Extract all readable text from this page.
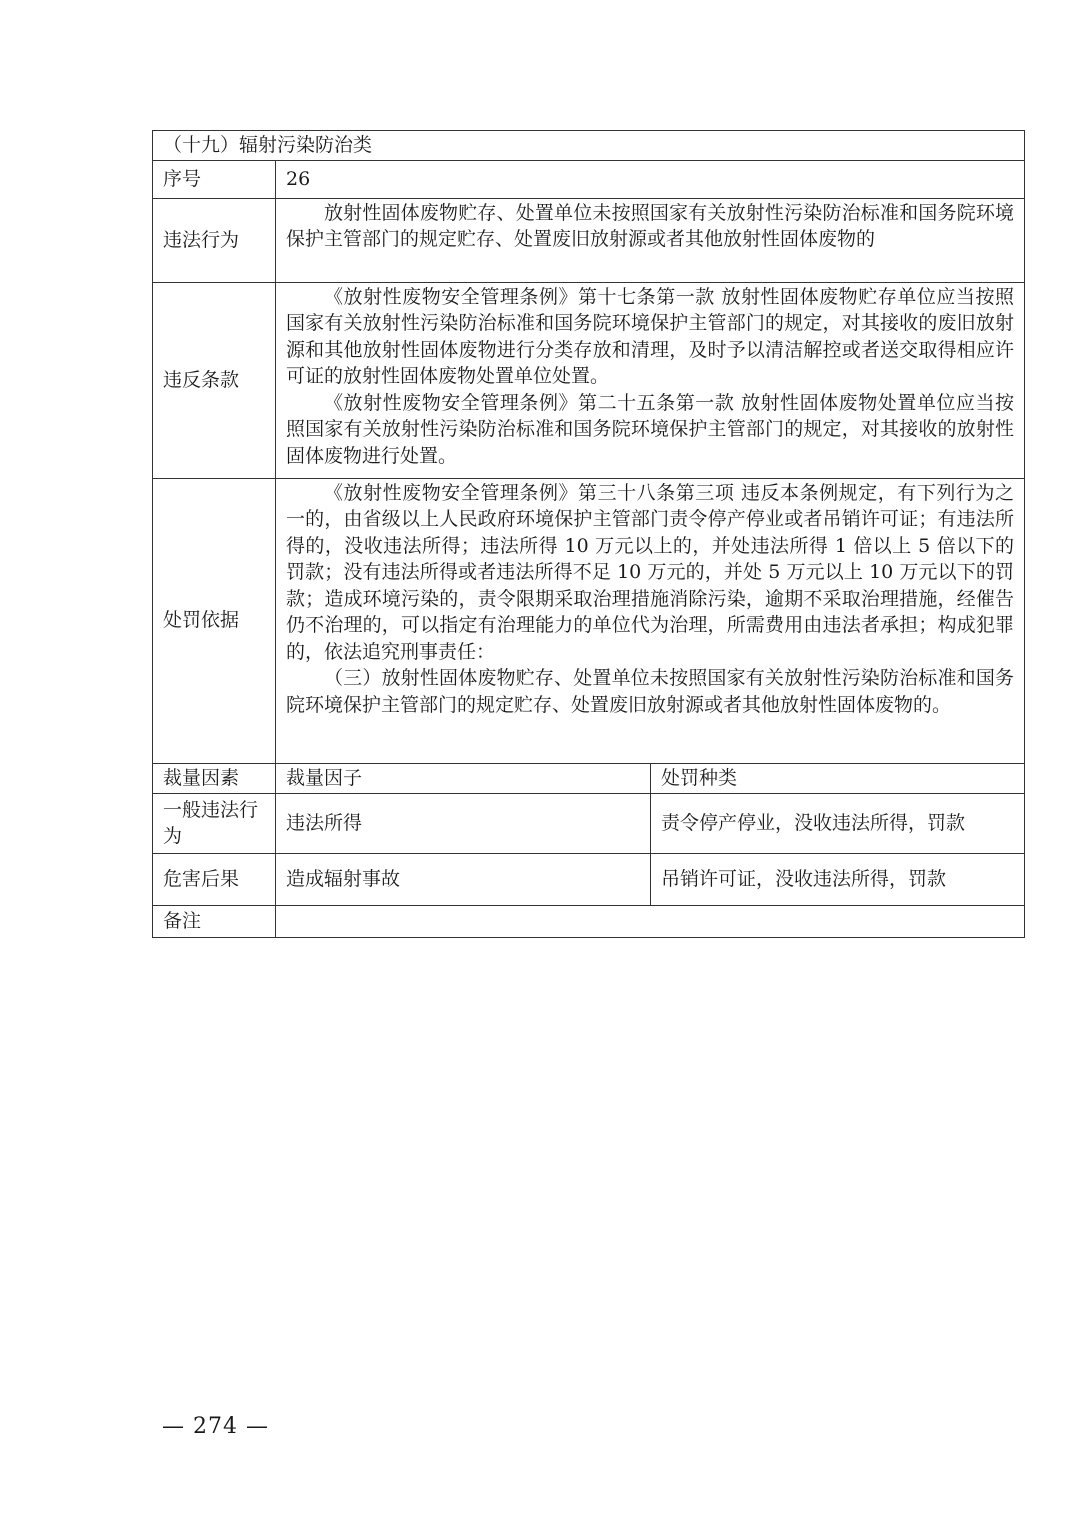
（十九）辐射污染防治类		
序号	26	
违法行为	放射性固体废物贮存、处置单位未按照国家有关放射性污染防治标准和国务院环境保护主管部门的规定贮存、处置废旧放射源或者其他放射性固体废物的	

违反条款	《放射性废物安全管理条例》第十七条第一款 放射性固体废物贮存单位应当按照国家有关放射性污染防治标准和国务院环境保护主管部门的规定，对其接收的废旧放射源和其他放射性固体废物进行分类存放和清理，及时予以清洁解控或者送交取得相应许可证的放射性固体废物处置单位处置。

《放射性废物安全管理条例》第二十五条第一款 放射性固体废物处置单位应当按照国家有关放射性污染防治标准和国务院环境保护主管部门的规定，对其接收的放射性固体废物进行处置。	

处罚依据	《放射性废物安全管理条例》第三十八条第三项 违反本条例规定，有下列行为之一的，由省级以上人民政府环境保护主管部门责令停产停业或者吊销许可证；有违法所得的，没收违法所得；违法所得 10 万元以上的，并处违法所得 1 倍以上 5 倍以下的罚款；没有违法所得或者违法所得不足 10 万元的，并处 5 万元以上 10 万元以下的罚款；造成环境污染的，责令限期采取治理措施消除污染，逾期不采取治理措施，经催告仍不治理的，可以指定有治理能力的单位代为治理，所需费用由违法者承担；构成犯罪的，依法追究刑事责任：

（三）放射性固体废物贮存、处置单位未按照国家有关放射性污染防治标准和国务院环境保护主管部门的规定贮存、处置废旧放射源或者其他放射性固体废物的。	

裁量因素	裁量因子	处罚种类
一般违法行为	违法所得	责令停产停业，没收违法所得，罚款
危害后果	造成辐射事故	吊销许可证，没收违法所得，罚款
备注		
— 274 —
